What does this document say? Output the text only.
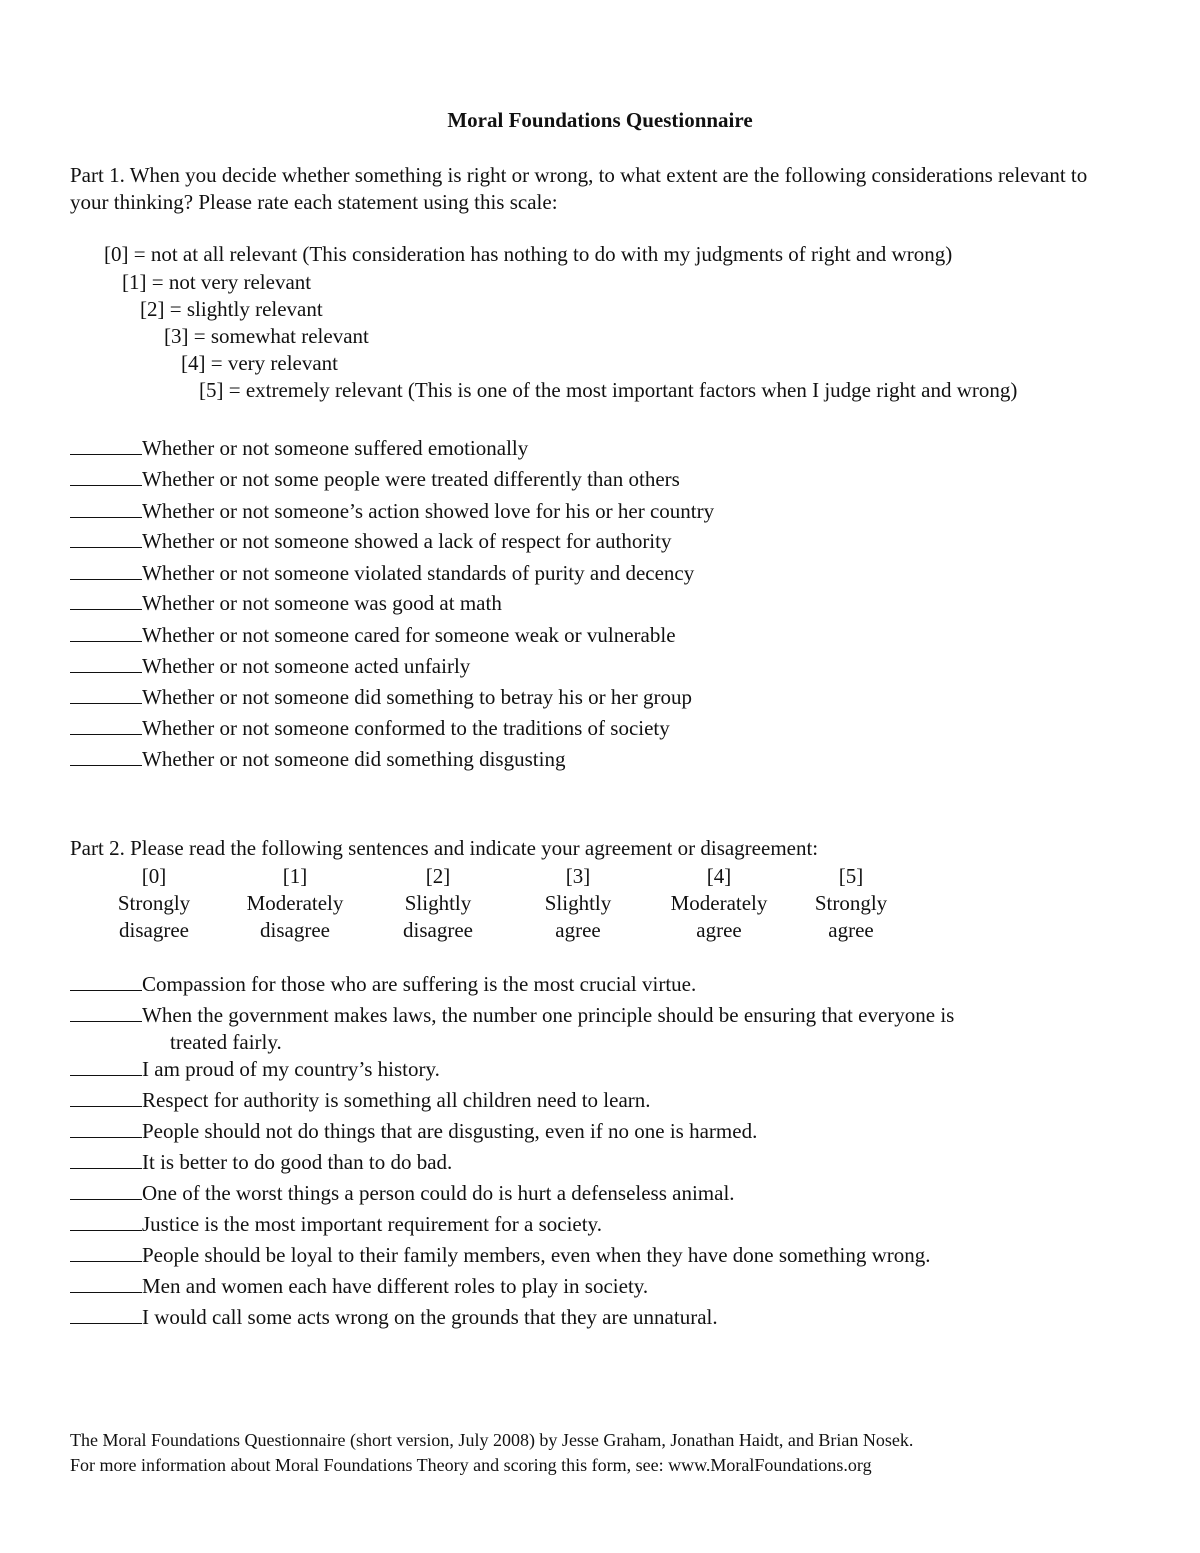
Moral Foundations Questionnaire
Part 1. When you decide whether something is right or wrong, to what extent are the following considerations relevant to your thinking? Please rate each statement using this scale:
[0] = not at all relevant (This consideration has nothing to do with my judgments of right and wrong)
[1] = not very relevant
[2] = slightly relevant
[3] = somewhat relevant
[4] = very relevant
[5] = extremely relevant (This is one of the most important factors when I judge right and wrong)
Whether or not someone suffered emotionally
Whether or not some people were treated differently than others
Whether or not someone’s action showed love for his or her country
Whether or not someone showed a lack of respect for authority
Whether or not someone violated standards of purity and decency
Whether or not someone was good at math
Whether or not someone cared for someone weak or vulnerable
Whether or not someone acted unfairly
Whether or not someone did something to betray his or her group
Whether or not someone conformed to the traditions of society
Whether or not someone did something disgusting
Part 2. Please read the following sentences and indicate your agreement or disagreement:
[0]
Strongly
disagree
[1]
Moderately
disagree
[2]
Slightly
disagree
[3]
Slightly
agree
[4]
Moderately
agree
[5]
Strongly
agree
Compassion for those who are suffering is the most crucial virtue.
When the government makes laws, the number one principle should be ensuring that everyone is
treated fairly.
I am proud of my country’s history.
Respect for authority is something all children need to learn.
People should not do things that are disgusting, even if no one is harmed.
It is better to do good than to do bad.
One of the worst things a person could do is hurt a defenseless animal.
Justice is the most important requirement for a society.
People should be loyal to their family members, even when they have done something wrong.
Men and women each have different roles to play in society.
I would call some acts wrong on the grounds that they are unnatural.
The Moral Foundations Questionnaire (short version, July 2008) by Jesse Graham, Jonathan Haidt, and Brian Nosek.
For more information about Moral Foundations Theory and scoring this form, see: www.MoralFoundations.org
